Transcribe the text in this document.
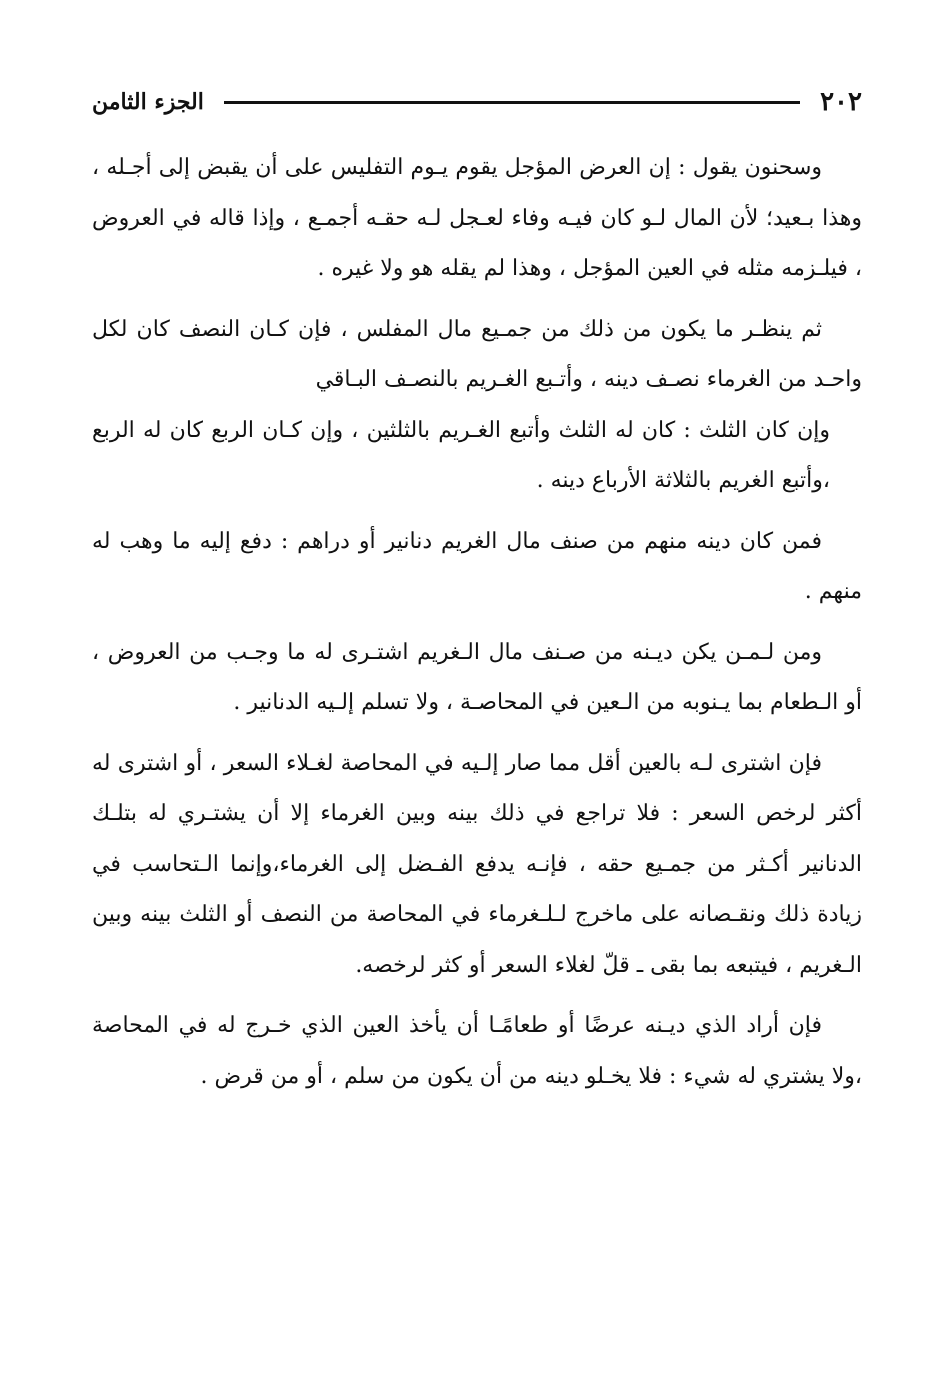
٢٠٢
الجزء الثامن

وسحنون يقول : إن العرض المؤجل يقوم يـوم التفليس على أن يقبض إلى أجـله ، وهذا بـعيد؛ لأن المال لـو كان فيـه وفاء لعـجل لـه حقـه أجمـع ، وإذا قاله في العروض ، فيلـزمه مثله في العين المؤجل ، وهذا لم يقله هو ولا غيره .

ثم ينظـر ما يكون من ذلك من جمـيع مال المفلس ، فإن كـان النصف كان لكل واحـد من الغرماء نصـف دينه ، وأتـبع الغـريم بالنصـف البـاقي

وإن كان الثلث : كان له الثلث وأتبع الغـريم بالثلثين ، وإن كـان الربع كان له الربع ،وأتبع الغريم بالثلاثة الأرباع دينه .

فمن كان دينه منهم من صنف مال الغريم دنانير أو دراهم : دفع إليه ما وهب له منهم .

ومن لـمـن يكن ديـنه من صـنف مال الـغريم اشتـرى له ما وجـب من العروض ، أو الـطعام بما يـنوبه من الـعين في المحاصـة ، ولا تسلم إلـيه الدنانير .

فإن اشترى لـه بالعين أقل مما صار إلـيه في المحاصة لغـلاء السعر ، أو اشترى له أكثر لرخص السعر : فلا تراجع في ذلك بينه وبين الغرماء إلا أن يشتـري له بتلـك الدنانير أكـثر من جمـيع حقه ، فإنـه يدفع الفـضل إلى الغرماء،وإنما الـتحاسب في زيادة ذلك ونقـصانه على ماخرج لـلـغرماء في المحاصة من النصف أو الثلث بينه وبين الـغريم ، فيتبعه بما بقى ـ قلّ لغلاء السعر أو كثر لرخصه.

فإن أراد الذي ديـنه عرضًا أو طعامًـا أن يأخذ العين الذي خـرج له في المحاصة ،ولا يشتري له شيء : فلا يخـلو دينه من أن يكون من سلم ، أو من قرض .
